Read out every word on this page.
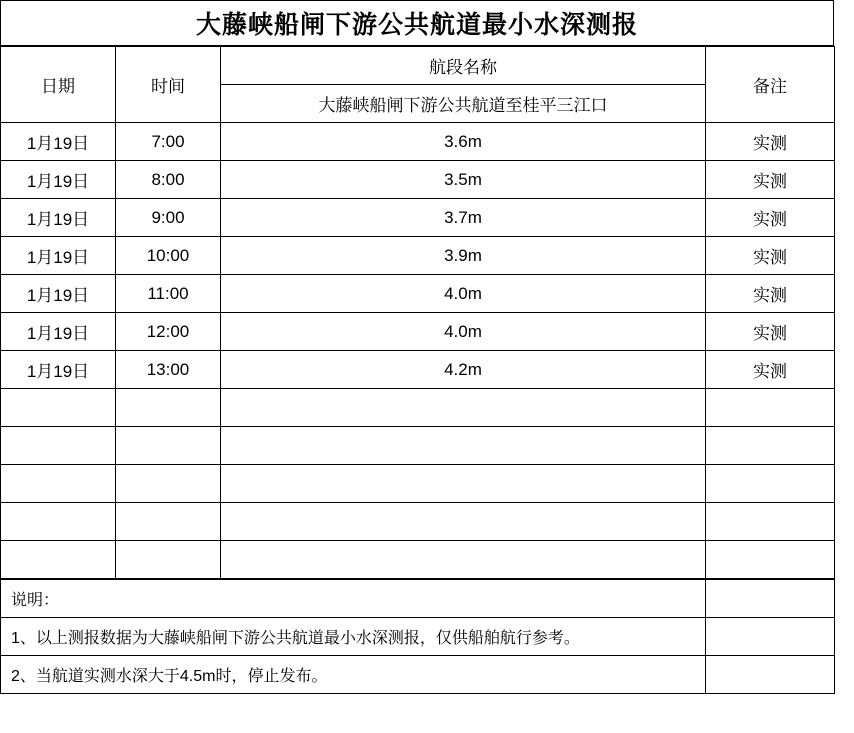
大藤峡船闸下游公共航道最小水深测报
日期	时间	航段名称	备注
		大藤峡船闸下游公共航道至桂平三江口	
1月19日	7:00	3.6m	实测
1月19日	8:00	3.5m	实测
1月19日	9:00	3.7m	实测
1月19日	10:00	3.9m	实测
1月19日	11:00	4.0m	实测
1月19日	12:00	4.0m	实测
1月19日	13:00	4.2m	实测

说明：	
1、以上测报数据为大藤峡船闸下游公共航道最小水深测报，仅供船舶航行参考。	
2、当航道实测水深大于4.5m时，停止发布。	
